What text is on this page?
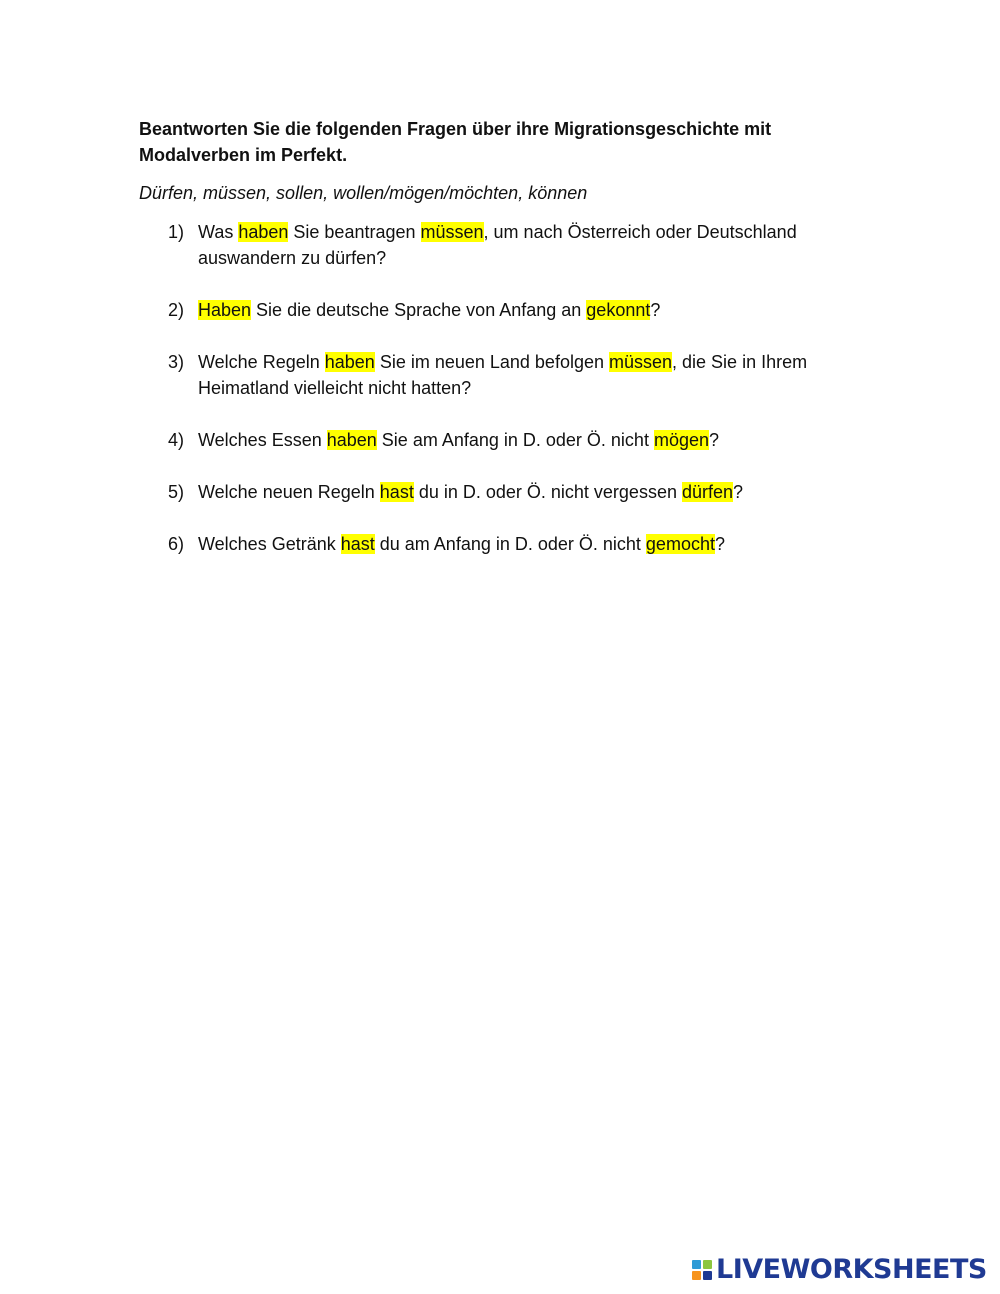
Beantworten Sie die folgenden Fragen über ihre Migrationsgeschichte mit Modalverben im Perfekt.

Dürfen, müssen, sollen, wollen/mögen/möchten, können

1) Was haben Sie beantragen müssen, um nach Österreich oder Deutschland auswandern zu dürfen?
2) Haben Sie die deutsche Sprache von Anfang an gekonnt?
3) Welche Regeln haben Sie im neuen Land befolgen müssen, die Sie in Ihrem Heimatland vielleicht nicht hatten?
4) Welches Essen haben Sie am Anfang in D. oder Ö. nicht mögen?
5) Welche neuen Regeln hast du in D. oder Ö. nicht vergessen dürfen?
6) Welches Getränk hast du am Anfang in D. oder Ö. nicht gemocht?
LIVEWORKSHEETS
